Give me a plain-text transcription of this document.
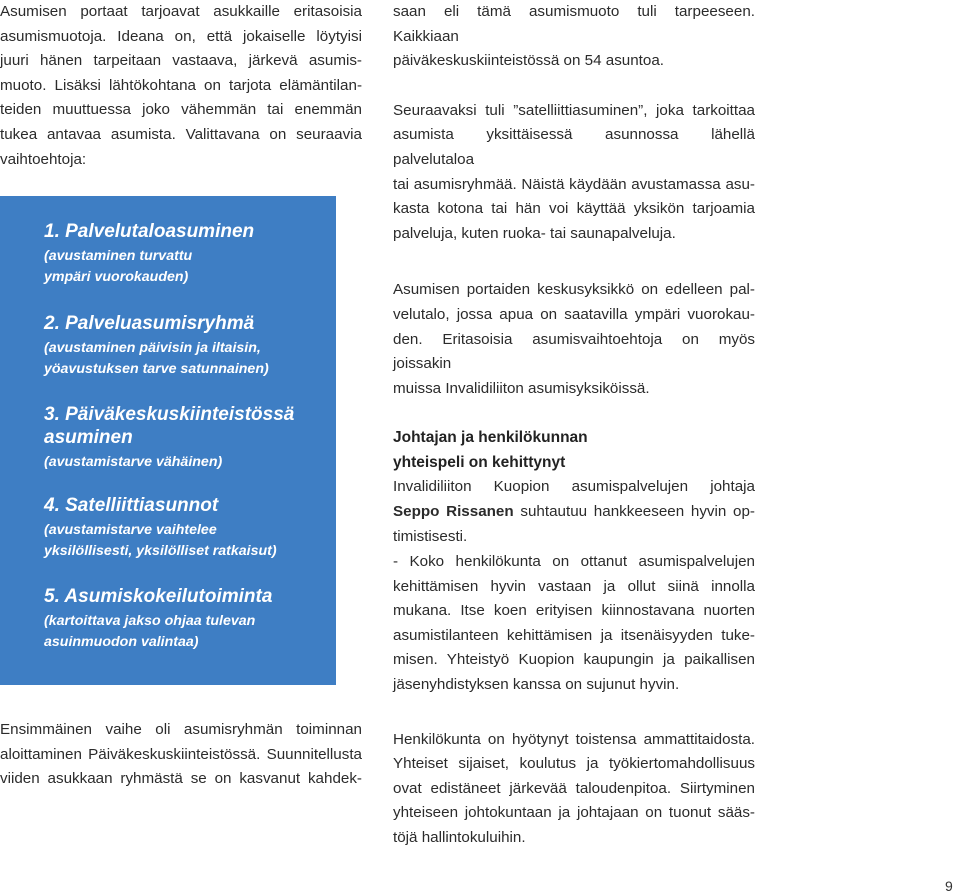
Asumisen portaat tarjoavat asukkaille eritasoisia

asumismuotoja. Ideana on, että jokaiselle löytyisi

juuri hänen tarpeitaan vastaava, järkevä asumis-

muoto. Lisäksi lähtökohtana on tarjota elämäntilan-

teiden muuttuessa joko vähemmän tai enemmän

tukea antavaa asumista. Valittavana on seuraavia

vaihtoehtoja:

1. Palvelutaloasuminen
(avustaminen turvattu
ympäri vuorokauden)
2. Palveluasumisryhmä
(avustaminen päivisin ja iltaisin,
yöavustuksen tarve satunnainen)
3. Päiväkeskuskiinteistössä
asuminen
(avustamistarve vähäinen)
4. Satelliittiasunnot
(avustamistarve vaihtelee
yksilöllisesti, yksilölliset ratkaisut)
5. Asumiskokeilutoiminta
(kartoittava jakso ohjaa tulevan
asuinmuodon valintaa)

Ensimmäinen vaihe oli asumisryhmän toiminnan

aloittaminen Päiväkeskuskiinteistössä. Suunnitellusta

viiden asukkaan ryhmästä se on kasvanut kahdek-

saan eli tämä asumismuoto tuli tarpeeseen. Kaikkiaan

päiväkeskuskiinteistössä on 54 asuntoa.

Seuraavaksi tuli ”satelliittiasuminen”, joka tarkoittaa

asumista yksittäisessä asunnossa lähellä palvelutaloa

tai asumisryhmää. Näistä käydään avustamassa asu-

kasta kotona tai hän voi käyttää yksikön tarjoamia

palveluja, kuten ruoka- tai saunapalveluja.

Asumisen portaiden keskusyksikkö on edelleen pal-

velutalo, jossa apua on saatavilla ympäri vuorokau-

den. Eritasoisia asumisvaihtoehtoja on myös joissakin

muissa Invalidiliiton asumisyksiköissä.

Johtajan ja henkilökunnan

yhteispeli on kehittynyt

Invalidiliiton Kuopion asumispalvelujen johtaja

Seppo Rissanen suhtautuu hankkeeseen hyvin op-

timistisesti.

- Koko henkilökunta on ottanut asumispalvelujen

kehittämisen hyvin vastaan ja ollut siinä innolla

mukana. Itse koen erityisen kiinnostavana nuorten

asumistilanteen kehittämisen ja itsenäisyyden tuke-

misen. Yhteistyö Kuopion kaupungin ja paikallisen

jäsenyhdistyksen kanssa on sujunut hyvin.

Henkilökunta on hyötynyt toistensa ammattitaidosta.

Yhteiset sijaiset, koulutus ja työkiertomahdollisuus

ovat edistäneet järkevää taloudenpitoa. Siirtyminen

yhteiseen johtokuntaan ja johtajaan on tuonut sääs-

töjä hallintokuluihin.

9
